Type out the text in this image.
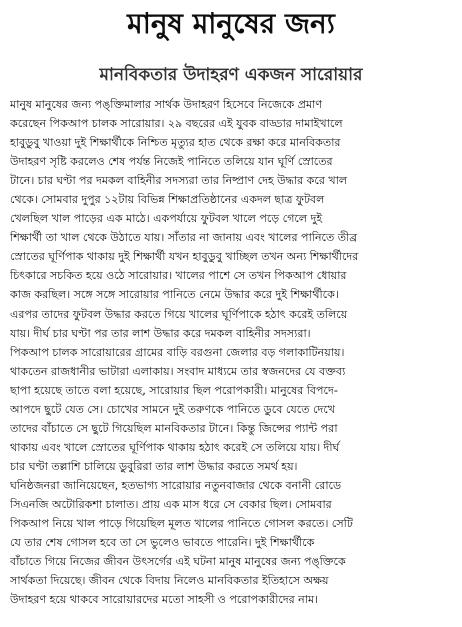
মানুষ মানুষের জন্য
মানবিকতার উদাহরণ একজন সারোয়ার
মানুষ মানুষের জন্য পঙ্‌ক্তিমালার সার্থক উদাহরণ হিসেবে নিজেকে প্রমাণ
করেছেন পিকআপ চালক সারোয়ার। ২৯ বছরের এই যুবক বাড্ডার দামাইখালে
হাবুডুবু খাওয়া দুই শিক্ষার্থীকে নিশ্চিত মৃত্যুর হাত থেকে রক্ষা করে মানবিকতার
উদাহরণ সৃষ্টি করলেও শেষ পর্যন্ত নিজেই পানিতে তলিয়ে যান ঘূর্ণি স্রোতের
টানে। চার ঘণ্টা পর দমকল বাহিনীর সদস্যরা তার নিষ্প্রাণ দেহ উদ্ধার করে খাল
থেকে। সোমবার দুপুর ১২টায় বিভিন্ন শিক্ষাপ্রতিষ্ঠানের একদল ছাত্র ফুটবল
খেলছিল খাল পাড়ের এক মাঠে। একপর্যায়ে ফুটবল খালে পড়ে গেলে দুই
শিক্ষার্থী তা খাল থেকে উঠাতে যায়। সাঁতার না জানায় এবং খালের পানিতে তীব্র
স্রোতের ঘূর্ণিপাক থাকায় দুই শিক্ষার্থী যখন হাবুডুবু খাচ্ছিল তখন অন্য শিক্ষার্থীদের
চিৎকারে সচকিত হয়ে ওঠে সারোয়ার। খালের পাশে সে তখন পিকআপ ধোয়ার
কাজ করছিল। সঙ্গে সঙ্গে সারোয়ার পানিতে নেমে উদ্ধার করে দুই শিক্ষার্থীকে।
এরপর তাদের ফুটবল উদ্ধার করতে গিয়ে খালের ঘূর্ণিপাকে হঠাৎ করেই তলিয়ে
যায়। দীর্ঘ চার ঘণ্টা পর তার লাশ উদ্ধার করে দমকল বাহিনীর সদস্যরা।
পিকআপ চালক সারোয়ারের গ্রামের বাড়ি বরগুনা জেলার বড় গলাকাটিনয়ায়।
থাকতেন রাজধানীর ভাটারা এলাকায়। সংবাদ মাধ্যমে তার স্বজনদের যে বক্তব্য
ছাপা হয়েছে তাতে বলা হয়েছে, সারোয়ার ছিল পরোপকারী। মানুষের বিপদে-
আপদে ছুটে যেত সে। চোখের সামনে দুই তরুণকে পানিতে ডুবে যেতে দেখে
তাদের বাঁচাতে সে ছুটে গিয়েছিল মানবিকতার টানে। কিন্তু জিন্সের প্যান্ট পরা
থাকায় এবং খালে স্রোতের ঘূর্ণিপাক থাকায় হঠাৎ করেই সে তলিয়ে যায়। দীর্ঘ
চার ঘণ্টা তল্লাশি চালিয়ে ডুবুরিরা তার লাশ উদ্ধার করতে সমর্থ হয়।
ঘনিষ্ঠজনরা জানিয়েছেন, হতভাগ্য সারোয়ার নতুনবাজার থেকে বনানী রোডে
সিএনজি অটোরিকশা চালাত। প্রায় এক মাস ধরে সে বেকার ছিল। সোমবার
পিকআপ নিয়ে খাল পাড়ে গিয়েছিল মূলত খালের পানিতে গোসল করতে। সেটি
যে তার শেষ গোসল হবে তা সে ভুলেও ভাবতে পারেনি। দুই শিক্ষার্থীকে
বাঁচাতে গিয়ে নিজের জীবন উৎসর্গের এই ঘটনা মানুষ মানুষের জন্য পঙ্‌ক্তিকে
সার্থকতা দিয়েছে। জীবন থেকে বিদায় নিলেও মানবিকতার ইতিহাসে অক্ষয়
উদাহরণ হয়ে থাকবে সারোয়ারদের মতো সাহসী ও পরোপকারীদের নাম।
